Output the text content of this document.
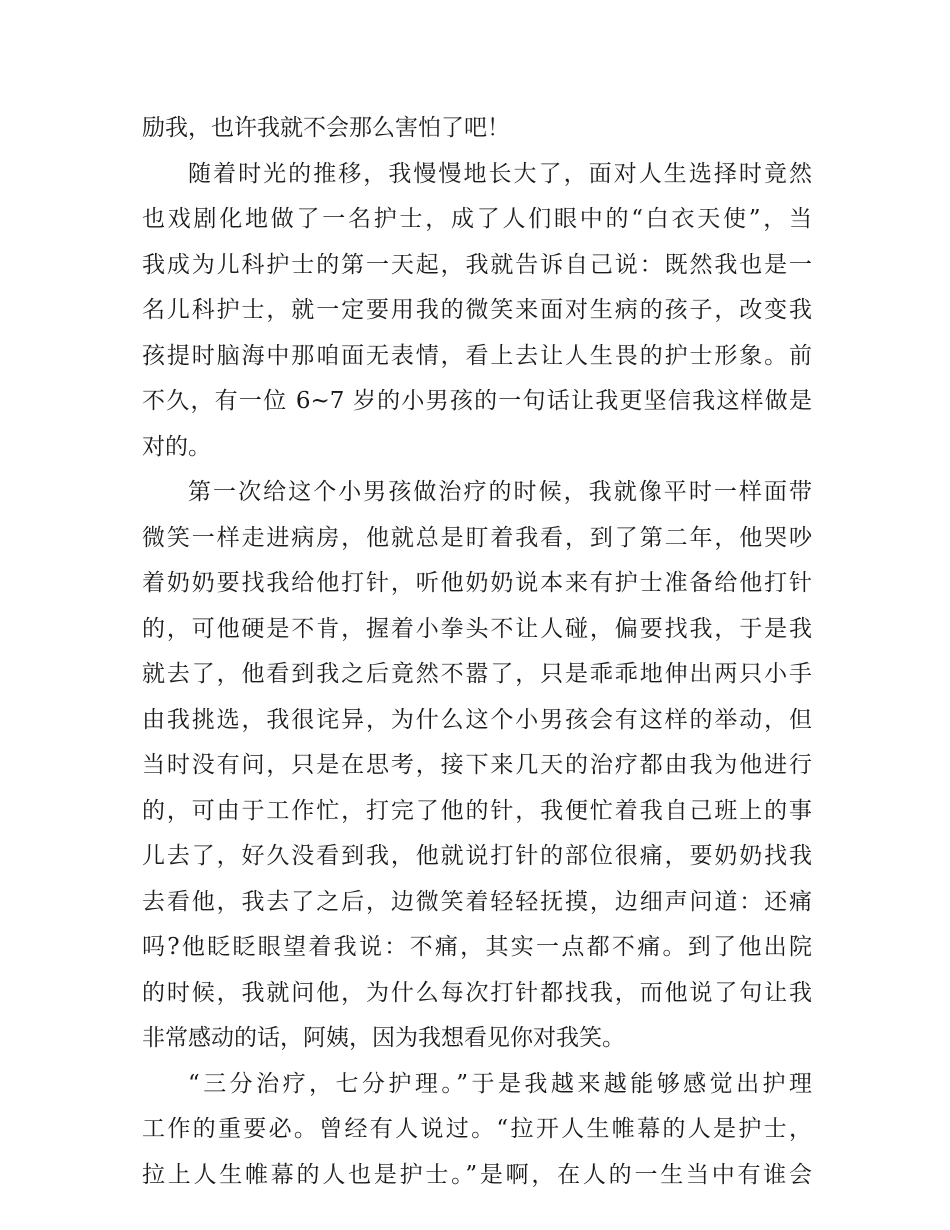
励我，也许我就不会那么害怕了吧！
随着时光的推移，我慢慢地长大了，面对人生选择时竟然
也戏剧化地做了一名护士，成了人们眼中的“白衣天使”，当
我成为儿科护士的第一天起，我就告诉自己说：既然我也是一
名儿科护士，就一定要用我的微笑来面对生病的孩子，改变我
孩提时脑海中那咱面无表情，看上去让人生畏的护士形象。前
不久，有一位 6~7 岁的小男孩的一句话让我更坚信我这样做是
对的。
第一次给这个小男孩做治疗的时候，我就像平时一样面带
微笑一样走进病房，他就总是盯着我看，到了第二年，他哭吵
着奶奶要找我给他打针，听他奶奶说本来有护士准备给他打针
的，可他硬是不肯，握着小拳头不让人碰，偏要找我，于是我
就去了，他看到我之后竟然不嚣了，只是乖乖地伸出两只小手
由我挑选，我很诧异，为什么这个小男孩会有这样的举动，但
当时没有问，只是在思考，接下来几天的治疗都由我为他进行
的，可由于工作忙，打完了他的针，我便忙着我自己班上的事
儿去了，好久没看到我，他就说打针的部位很痛，要奶奶找我
去看他，我去了之后，边微笑着轻轻抚摸，边细声问道：还痛
吗?他眨眨眼望着我说：不痛，其实一点都不痛。到了他出院
的时候，我就问他，为什么每次打针都找我，而他说了句让我
非常感动的话，阿姨，因为我想看见你对我笑。
“三分治疗，七分护理。”于是我越来越能够感觉出护理
工作的重要必。曾经有人说过。“拉开人生帷幕的人是护士，
拉上人生帷幕的人也是护士。”是啊，在人的一生当中有谁会
